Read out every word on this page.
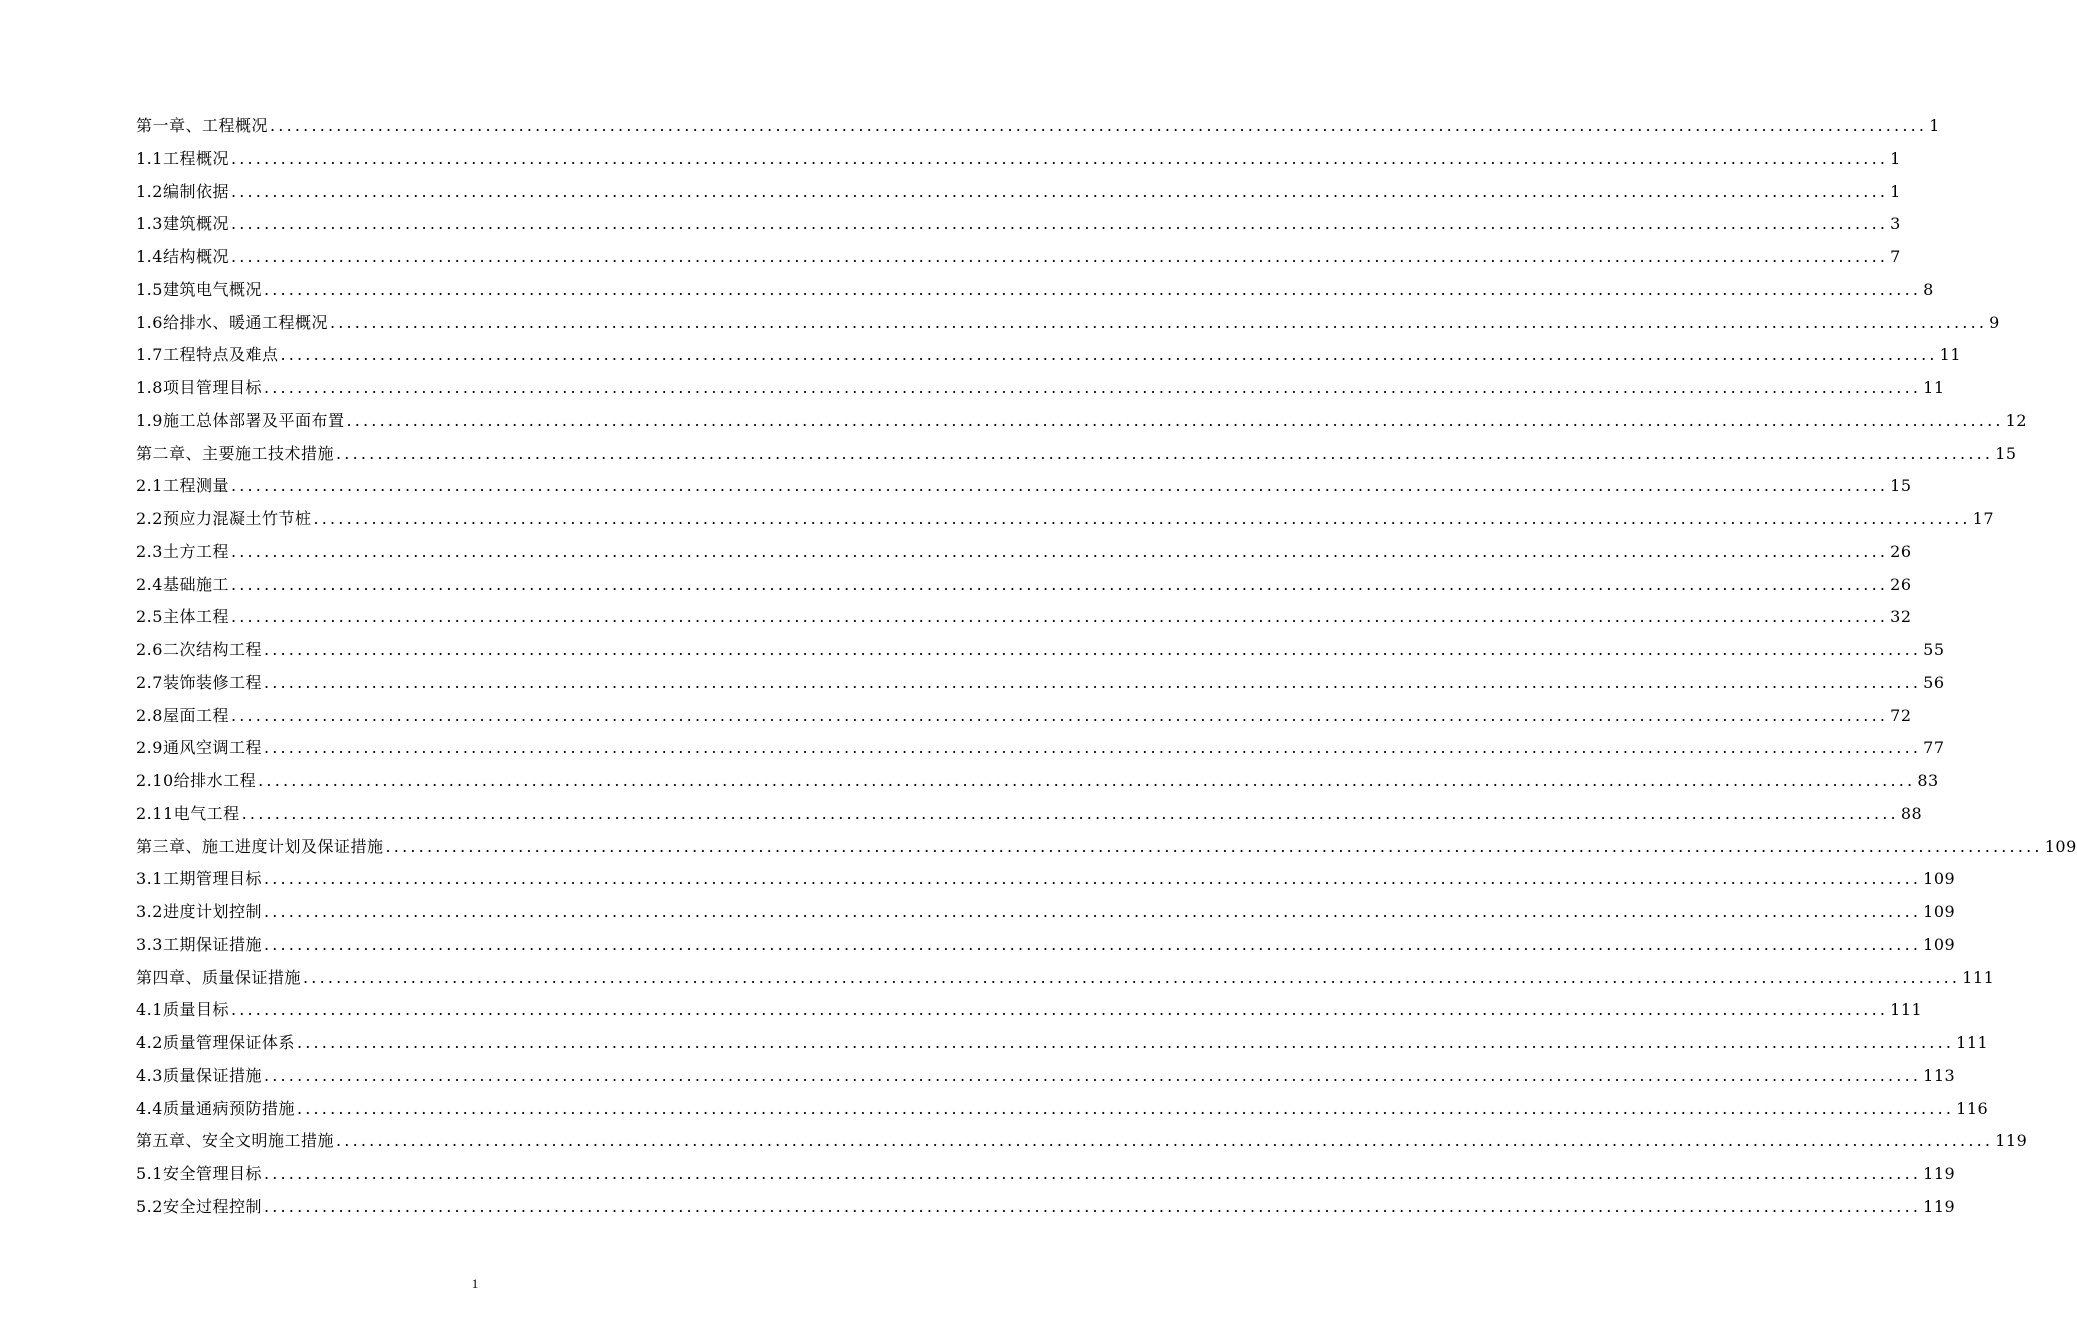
第一章、工程概况 ........................................................................................................................................................................................................ 1
1.1工程概况 ........................................................................................................................................................................................................ 1
1.2编制依据 ........................................................................................................................................................................................................ 1
1.3建筑概况 ........................................................................................................................................................................................................ 3
1.4结构概况 ........................................................................................................................................................................................................ 7
1.5建筑电气概况 ........................................................................................................................................................................................................ 8
1.6给排水、暖通工程概况 ........................................................................................................................................................................................................ 9
1.7工程特点及难点 ........................................................................................................................................................................................................ 11
1.8项目管理目标 ........................................................................................................................................................................................................ 11
1.9施工总体部署及平面布置 ........................................................................................................................................................................................................ 12
第二章、主要施工技术措施 ........................................................................................................................................................................................................ 15
2.1工程测量 ........................................................................................................................................................................................................ 15
2.2预应力混凝土竹节桩 ........................................................................................................................................................................................................ 17
2.3土方工程 ........................................................................................................................................................................................................ 26
2.4基础施工 ........................................................................................................................................................................................................ 26
2.5主体工程 ........................................................................................................................................................................................................ 32
2.6二次结构工程 ........................................................................................................................................................................................................ 55
2.7装饰装修工程 ........................................................................................................................................................................................................ 56
2.8屋面工程 ........................................................................................................................................................................................................ 72
2.9通风空调工程 ........................................................................................................................................................................................................ 77
2.10给排水工程 ........................................................................................................................................................................................................ 83
2.11电气工程 ........................................................................................................................................................................................................ 88
第三章、施工进度计划及保证措施 ........................................................................................................................................................................................................ 109
3.1工期管理目标 ........................................................................................................................................................................................................ 109
3.2进度计划控制 ........................................................................................................................................................................................................ 109
3.3工期保证措施 ........................................................................................................................................................................................................ 109
第四章、质量保证措施 ........................................................................................................................................................................................................ 111
4.1质量目标 ........................................................................................................................................................................................................ 111
4.2质量管理保证体系 ........................................................................................................................................................................................................ 111
4.3质量保证措施 ........................................................................................................................................................................................................ 113
4.4质量通病预防措施 ........................................................................................................................................................................................................ 116
第五章、安全文明施工措施 ........................................................................................................................................................................................................ 119
5.1安全管理目标 ........................................................................................................................................................................................................ 119
5.2安全过程控制 ........................................................................................................................................................................................................ 119
1
